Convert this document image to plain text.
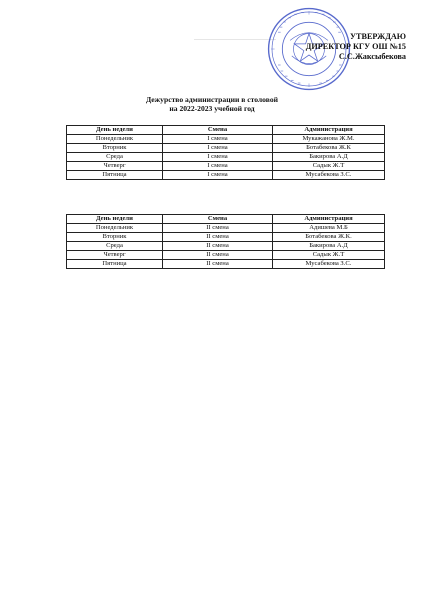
УТВЕРЖДАЮ
ДИРЕКТОР КГУ ОШ №15
С.С.Жаксыбекова
Дежурство администрации в столовой
на 2022-2023 учебной год
День недели	Смена	Администрация
Понедельник	I смена	Мукажанова Ж.М.
Вторник	I смена	Ботабекова Ж.К
Среда	I смена	Бакирова А.Д
Четверг	I смена	Садык Ж.Т
Пятница	I смена	Мусабекова З.С.
День недели	Смена	Администрация
Понедельник	II смена	Адишева М.Б
Вторник	II смена	Ботабекова Ж.К.
Среда	II смена	Бакирова А.Д
Четверг	II смена	Садык Ж.Т
Пятница	II смена	Мусабекова З.С.
